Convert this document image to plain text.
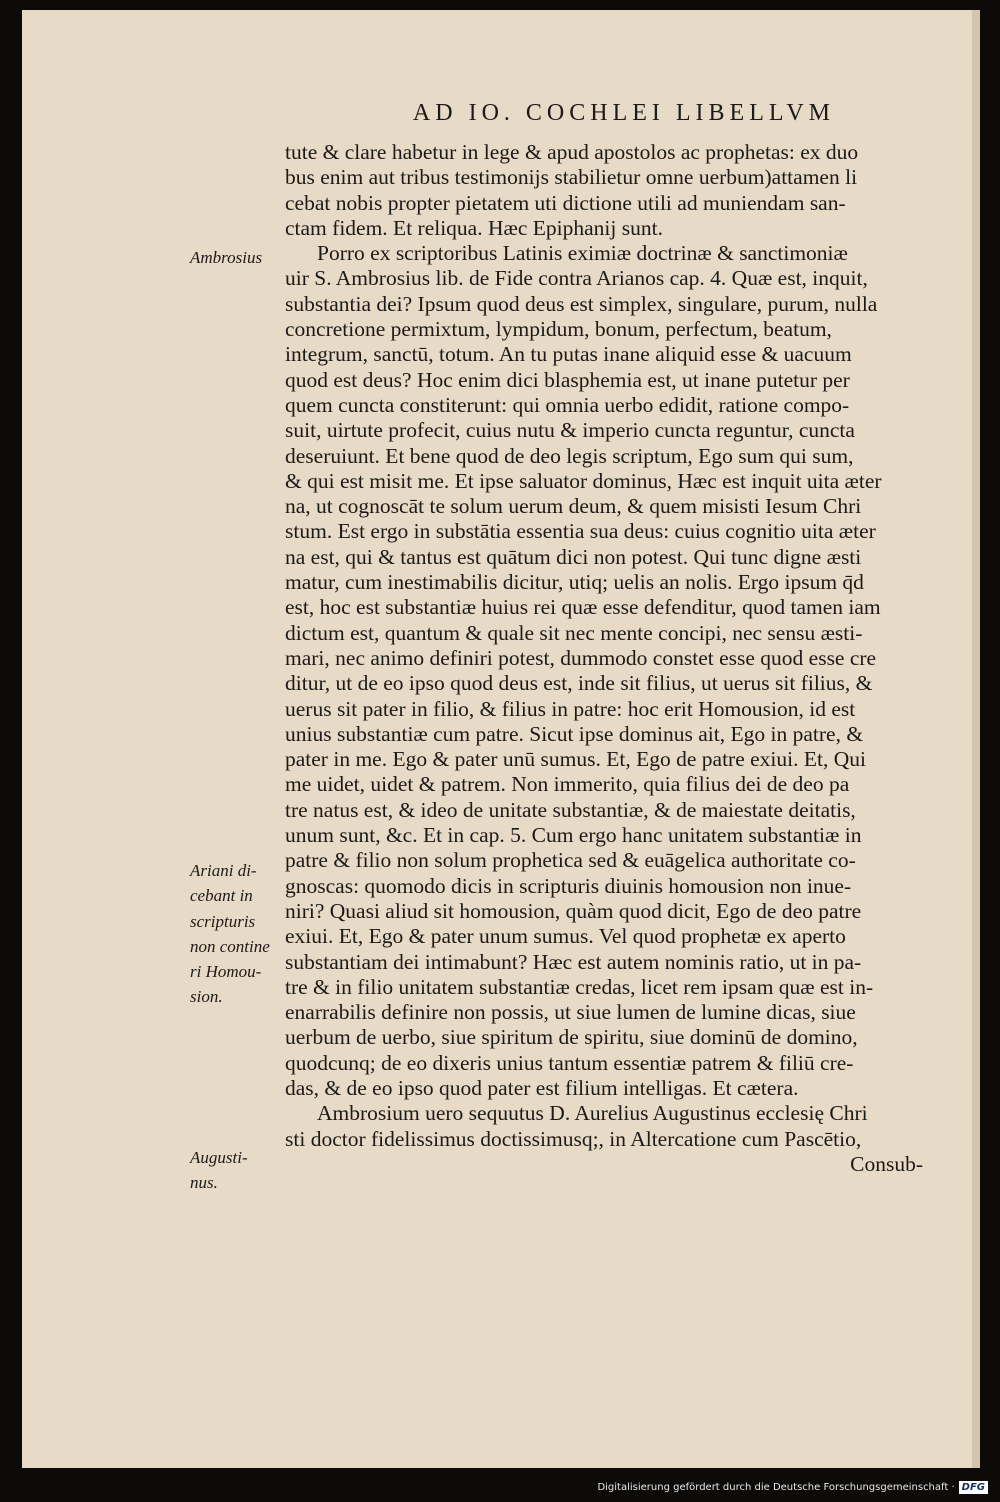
AD IO. COCHLEI LIBELLVM
Ambrosius
Ariani di-
cebant in
scripturis
non contine
ri Homou-
sion.
Augusti-
nus.
tute & clare habetur in lege & apud apostolos ac prophetas: ex duo
bus enim aut tribus testimonijs stabilietur omne uerbum)attamen li
cebat nobis propter pietatem uti dictione utili ad muniendam san-
ctam fidem. Et reliqua. Hæc Epiphanij sunt.
Porro ex scriptoribus Latinis eximiæ doctrinæ & sanctimoniæ
uir S. Ambrosius lib. de Fide contra Arianos cap. 4. Quæ est, inquit,
substantia dei? Ipsum quod deus est simplex, singulare, purum, nulla
concretione permixtum, lympidum, bonum, perfectum, beatum,
integrum, sanctū, totum. An tu putas inane aliquid esse & uacuum
quod est deus? Hoc enim dici blasphemia est, ut inane putetur per
quem cuncta constiterunt: qui omnia uerbo edidit, ratione compo-
suit, uirtute profecit, cuius nutu & imperio cuncta reguntur, cuncta
deseruiunt. Et bene quod de deo legis scriptum, Ego sum qui sum,
& qui est misit me. Et ipse saluator dominus, Hæc est inquit uita æter
na, ut cognoscāt te solum uerum deum, & quem misisti Iesum Chri
stum. Est ergo in substātia essentia sua deus: cuius cognitio uita æter
na est, qui & tantus est quātum dici non potest. Qui tunc digne æsti
matur, cum inestimabilis dicitur, utiq; uelis an nolis. Ergo ipsum q̄d
est, hoc est substantiæ huius rei quæ esse defenditur, quod tamen iam
dictum est, quantum & quale sit nec mente concipi, nec sensu æsti-
mari, nec animo definiri potest, dummodo constet esse quod esse cre
ditur, ut de eo ipso quod deus est, inde sit filius, ut uerus sit filius, &
uerus sit pater in filio, & filius in patre: hoc erit Homousion, id est
unius substantiæ cum patre. Sicut ipse dominus ait, Ego in patre, &
pater in me. Ego & pater unū sumus. Et, Ego de patre exiui. Et, Qui
me uidet, uidet & patrem. Non immerito, quia filius dei de deo pa
tre natus est, & ideo de unitate substantiæ, & de maiestate deitatis,
unum sunt, &c. Et in cap. 5. Cum ergo hanc unitatem substantiæ in
patre & filio non solum prophetica sed & euāgelica authoritate co-
gnoscas: quomodo dicis in scripturis diuinis homousion non inue-
niri? Quasi aliud sit homousion, quàm quod dicit, Ego de deo patre
exiui. Et, Ego & pater unum sumus. Vel quod prophetæ ex aperto
substantiam dei intimabunt? Hæc est autem nominis ratio, ut in pa-
tre & in filio unitatem substantiæ credas, licet rem ipsam quæ est in-
enarrabilis definire non possis, ut siue lumen de lumine dicas, siue
uerbum de uerbo, siue spiritum de spiritu, siue dominū de domino,
quodcunq; de eo dixeris unius tantum essentiæ patrem & filiū cre-
das, & de eo ipso quod pater est filium intelligas. Et cætera.
Ambrosium uero sequutus D. Aurelius Augustinus ecclesię Chri
sti doctor fidelissimus doctissimusq;, in Altercatione cum Pascētio,
Consub-
Digitalisierung gefördert durch die Deutsche Forschungsgemeinschaft · DFG
